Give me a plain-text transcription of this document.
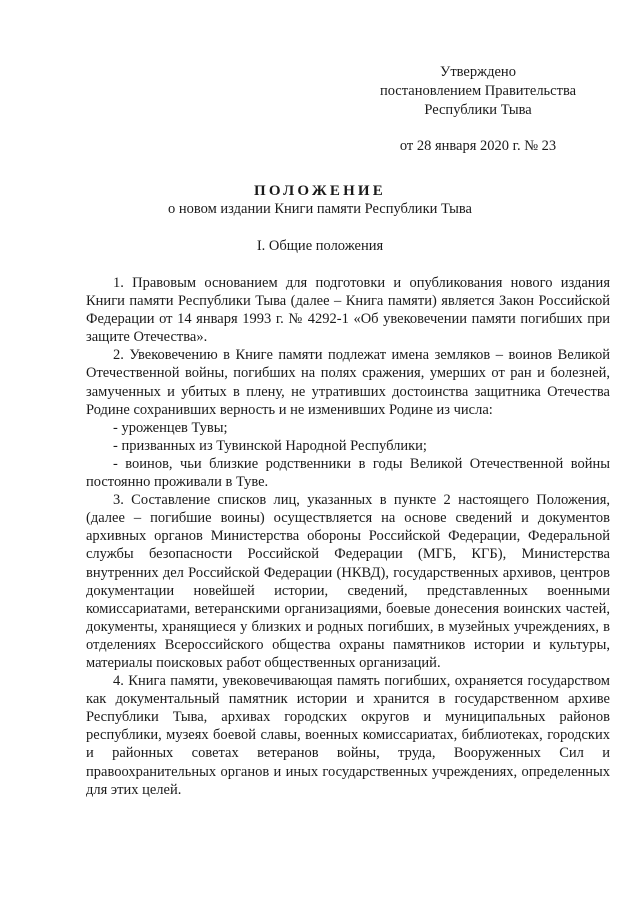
Утверждено
постановлением Правительства
Республики Тыва
от 28 января 2020 г. № 23
ПОЛОЖЕНИЕ
о новом издании Книги памяти Республики Тыва
I. Общие положения

1. Правовым основанием для подготовки и опубликования нового издания Книги памяти Республики Тыва (далее – Книга памяти) является Закон Российской Федерации от 14 января 1993 г. № 4292-1 «Об увековечении памяти погибших при защите Отечества».

2. Увековечению в Книге памяти подлежат имена земляков – воинов Великой Отечественной войны, погибших на полях сражения, умерших от ран и болезней, замученных и убитых в плену, не утративших достоинства защитника Отечества Родине сохранивших верность и не изменивших Родине из числа:

- уроженцев Тувы;

- призванных из Тувинской Народной Республики;

- воинов, чьи близкие родственники в годы Великой Отечественной войны постоянно проживали в Туве.

3. Составление списков лиц, указанных в пункте 2 настоящего Положения, (далее – погибшие воины) осуществляется на основе сведений и документов архивных органов Министерства обороны Российской Федерации, Федеральной службы безопасности Российской Федерации (МГБ, КГБ), Министерства внутренних дел Российской Федерации (НКВД), государственных архивов, центров документации новейшей истории, сведений, представленных военными комиссариатами, ветеранскими организациями, боевые донесения воинских частей, документы, хранящиеся у близких и родных погибших, в музейных учреждениях, в отделениях Всероссийского общества охраны памятников истории и культуры, материалы поисковых работ общественных организаций.

4. Книга памяти, увековечивающая память погибших, охраняется государством как документальный памятник истории и хранится в государственном архиве Республики Тыва, архивах городских округов и муниципальных районов республики, музеях боевой славы, военных комиссариатах, библиотеках, городских и районных советах ветеранов войны, труда, Вооруженных Сил и правоохранительных органов и иных государственных учреждениях, определенных для этих целей.
